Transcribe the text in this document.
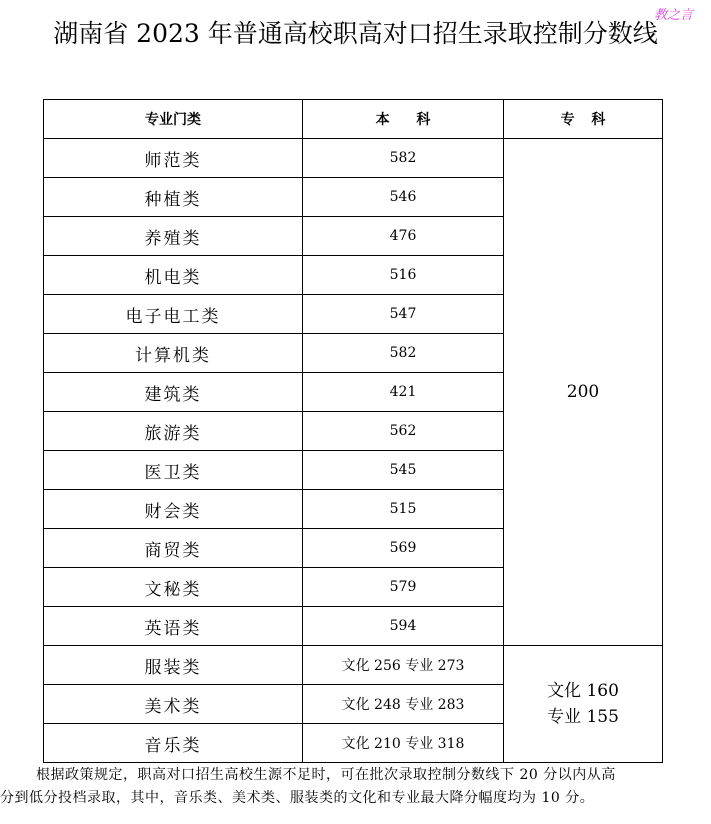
湖南省 2023 年普通高校职高对口招生录取控制分数线
教之言
专业门类	本 科	专 科
师范类	582	200
种植类	546	
养殖类	476	
机电类	516	
电子电工类	547	
计算机类	582	
建筑类	421	
旅游类	562	
医卫类	545	
财会类	515	
商贸类	569	
文秘类	579	
英语类	594	
服装类	文化 256 专业 273	文化 160
专业 155

美术类	文化 248 专业 283	
音乐类	文化 210 专业 318	
根据政策规定，职高对口招生高校生源不足时，可在批次录取控制分数线下 20 分以内从高
分到低分投档录取，其中，音乐类、美术类、服装类的文化和专业最大降分幅度均为 10 分。
